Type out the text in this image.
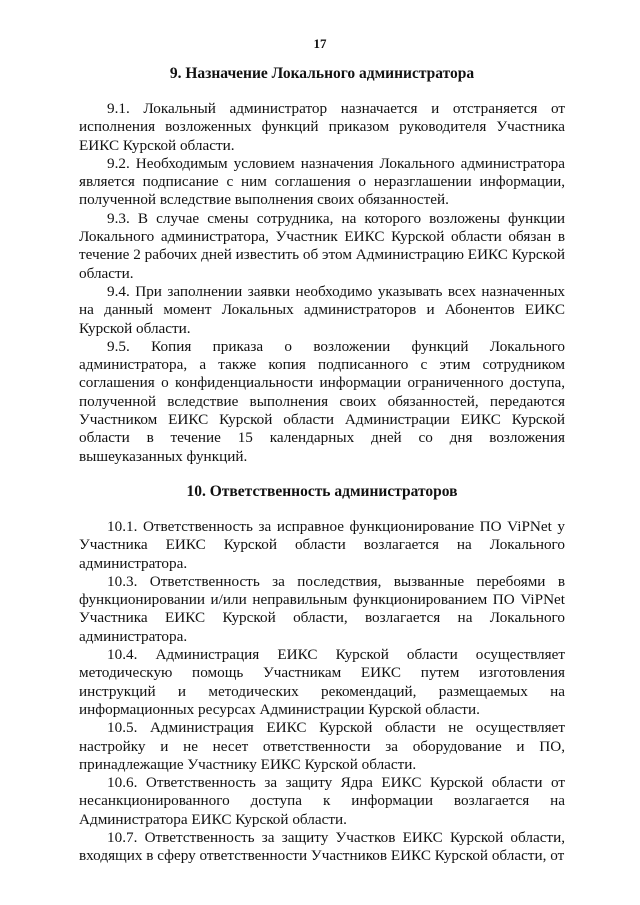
17
9. Назначение Локального администратора

9.1. Локальный администратор назначается и отстраняется от исполнения возложенных функций приказом руководителя Участника ЕИКС Курской области.

9.2. Необходимым условием назначения Локального администратора является подписание с ним соглашения о неразглашении информации, полученной вследствие выполнения своих обязанностей.

9.3. В случае смены сотрудника, на которого возложены функции Локального администратора, Участник ЕИКС Курской области обязан в течение 2 рабочих дней известить об этом Администрацию ЕИКС Курской области.

9.4. При заполнении заявки необходимо указывать всех назначенных на данный момент Локальных администраторов и Абонентов ЕИКС Курской области.

9.5. Копия приказа о возложении функций Локального администратора, а также копия подписанного с этим сотрудником соглашения о конфиденциальности информации ограниченного доступа, полученной вследствие выполнения своих обязанностей, передаются Участником ЕИКС Курской области Администрации ЕИКС Курской области в течение 15 календарных дней со дня возложения вышеуказанных функций.

10. Ответственность администраторов

10.1. Ответственность за исправное функционирование ПО ViPNet у Участника ЕИКС Курской области возлагается на Локального администратора.

10.3. Ответственность за последствия, вызванные перебоями в функционировании и/или неправильным функционированием ПО ViPNet Участника ЕИКС Курской области, возлагается на Локального администратора.

10.4. Администрация ЕИКС Курской области осуществляет методическую помощь Участникам ЕИКС путем изготовления инструкций и методических рекомендаций, размещаемых на информационных ресурсах Администрации Курской области.

10.5. Администрация ЕИКС Курской области не осуществляет настройку и не несет ответственности за оборудование и ПО, принадлежащие Участнику ЕИКС Курской области.

10.6. Ответственность за защиту Ядра ЕИКС Курской области от несанкционированного доступа к информации возлагается на Администратора ЕИКС Курской области.

10.7. Ответственность за защиту Участков ЕИКС Курской области, входящих в сферу ответственности Участников ЕИКС Курской области, от
